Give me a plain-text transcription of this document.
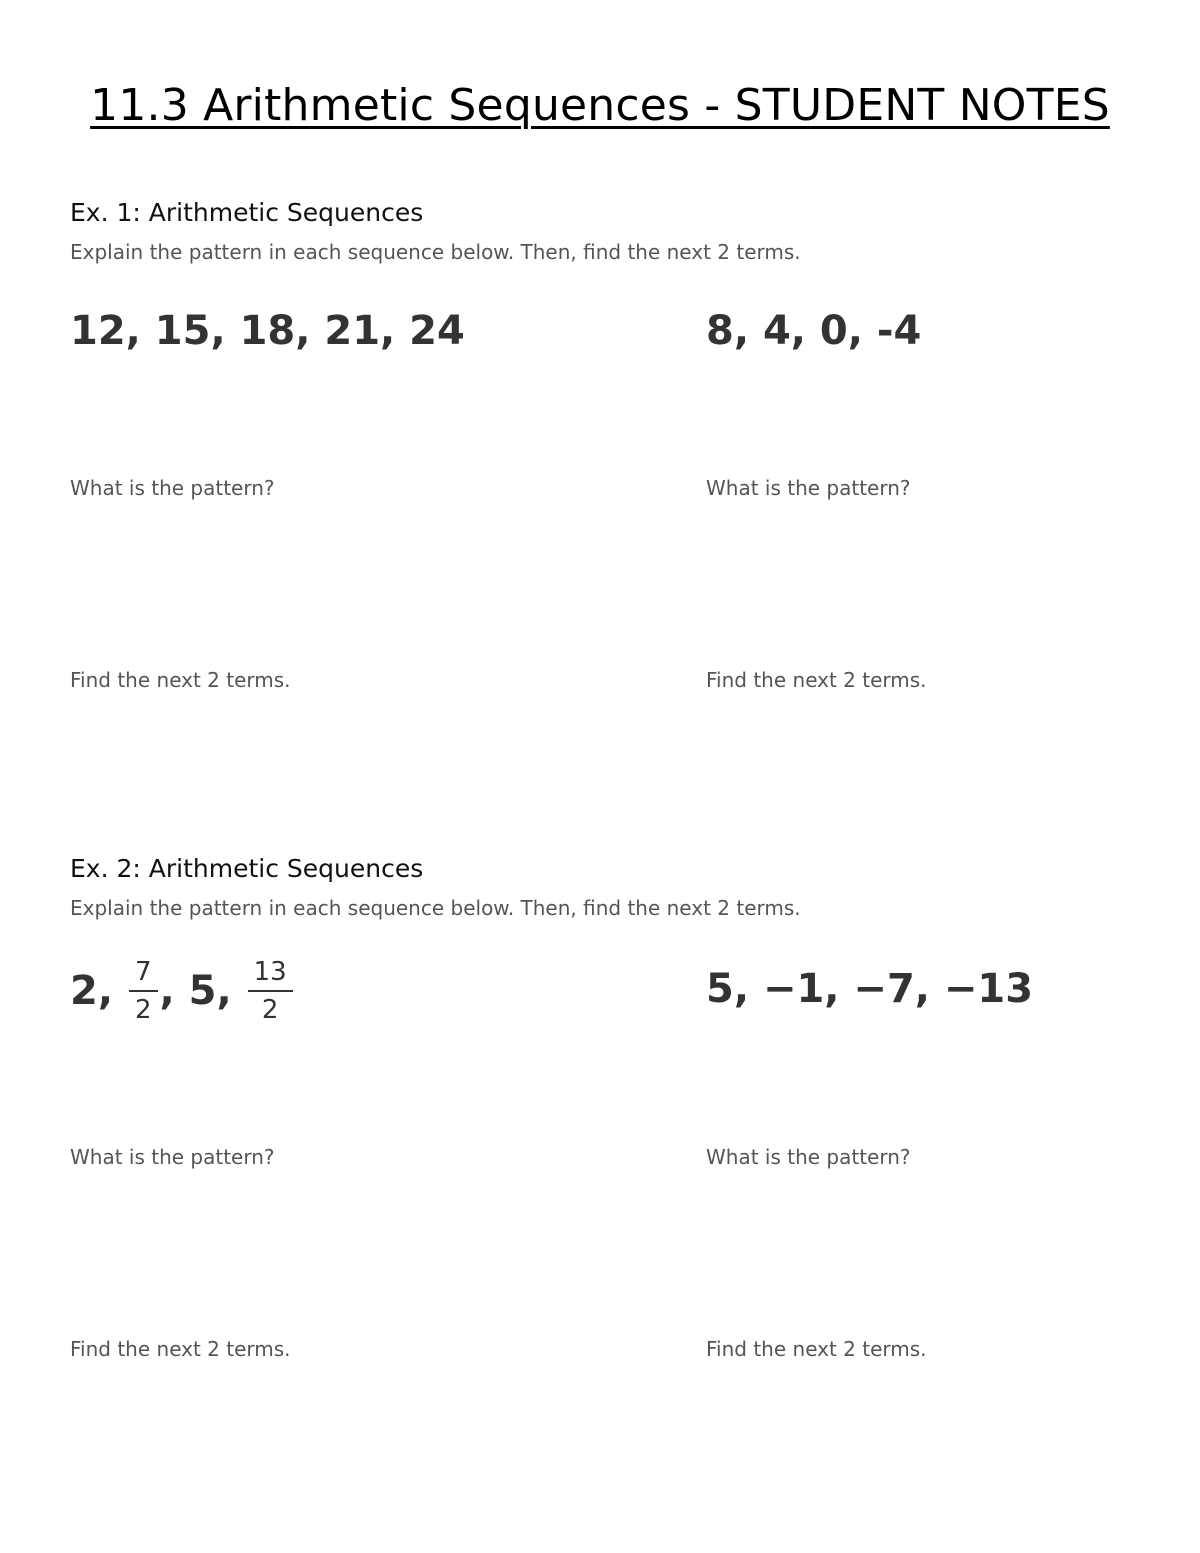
11.3 Arithmetic Sequences - STUDENT NOTES
Ex. 1: Arithmetic Sequences
Explain the pattern in each sequence below. Then, find the next 2 terms.
12, 15, 18, 21, 24	8, 4, 0, -4
What is the pattern?	What is the pattern?
Find the next 2 terms.	Find the next 2 terms.
Ex. 2: Arithmetic Sequences
Explain the pattern in each sequence below. Then, find the next 2 terms.
2, $\frac{7}{2}$ , 5, $\frac{13}{2}$	5, −1, −7, −13
What is the pattern?	What is the pattern?
Find the next 2 terms.	Find the next 2 terms.
